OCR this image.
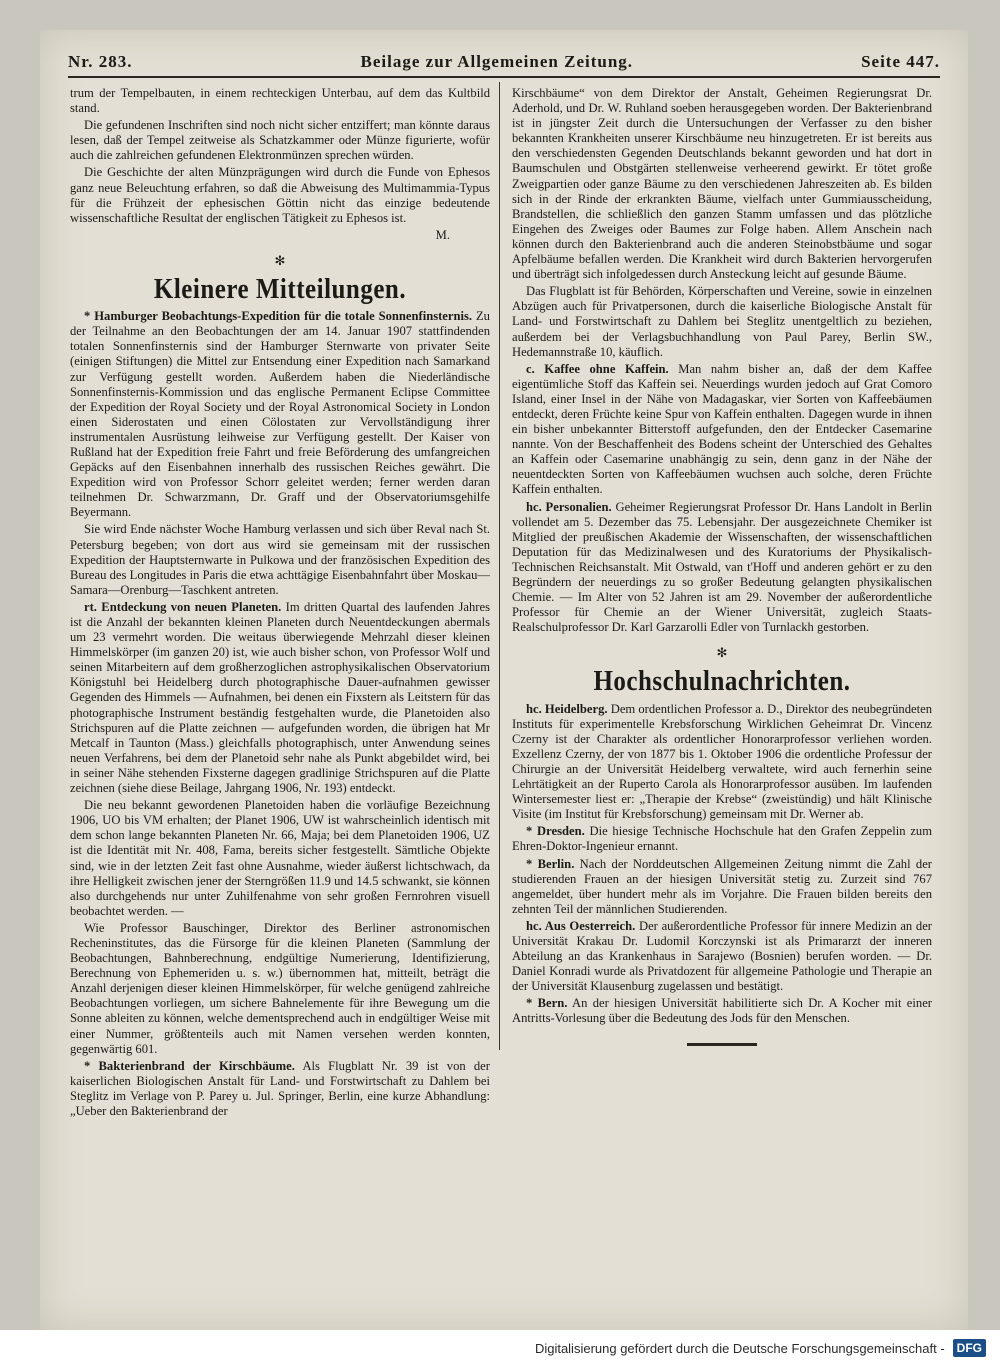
Nr. 283.	Beilage zur Allgemeinen Zeitung.	Seite 447.

trum der Tempelbauten, in einem rechteckigen Unterbau, auf dem das Kultbild stand.

Die gefundenen Inschriften sind noch nicht sicher entziffert; man könnte daraus lesen, daß der Tempel zeitweise als Schatzkammer oder Münze figurierte, wofür auch die zahlreichen gefundenen Elektronmünzen sprechen würden.

Die Geschichte der alten Münzprägungen wird durch die Funde von Ephesos ganz neue Beleuchtung erfahren, so daß die Abweisung des Multimammia-Typus für die Frühzeit der ephesischen Göttin nicht das einzige bedeutende wissenschaftliche Resultat der englischen Tätigkeit zu Ephesos ist.

M.
✻
Kleinere Mitteilungen.

* Hamburger Beobachtungs-Expedition für die totale Sonnenfinsternis. Zu der Teilnahme an den Beobachtungen der am 14. Januar 1907 stattfindenden totalen Sonnenfinsternis sind der Hamburger Sternwarte von privater Seite (einigen Stiftungen) die Mittel zur Entsendung einer Expedition nach Samarkand zur Verfügung gestellt worden. Außerdem haben die Niederländische Sonnenfinsternis-Kommission und das englische Permanent Eclipse Committee der Expedition der Royal Society und der Royal Astronomical Society in London einen Siderostaten und einen Cölostaten zur Vervollständigung ihrer instrumentalen Ausrüstung leihweise zur Verfügung gestellt. Der Kaiser von Rußland hat der Expedition freie Fahrt und freie Beförderung des umfangreichen Gepäcks auf den Eisenbahnen innerhalb des russischen Reiches gewährt. Die Expedition wird von Professor Schorr geleitet werden; ferner werden daran teilnehmen Dr. Schwarzmann, Dr. Graff und der Observatoriumsgehilfe Beyermann.

Sie wird Ende nächster Woche Hamburg verlassen und sich über Reval nach St. Petersburg begeben; von dort aus wird sie gemeinsam mit der russischen Expedition der Hauptsternwarte in Pulkowa und der französischen Expedition des Bureau des Longitudes in Paris die etwa achttägige Eisenbahnfahrt über Moskau—Samara—Orenburg—Taschkent antreten.

rt. Entdeckung von neuen Planeten. Im dritten Quartal des laufenden Jahres ist die Anzahl der bekannten kleinen Planeten durch Neuentdeckungen abermals um 23 vermehrt worden. Die weitaus überwiegende Mehrzahl dieser kleinen Himmelskörper (im ganzen 20) ist, wie auch bisher schon, von Professor Wolf und seinen Mitarbeitern auf dem großherzoglichen astrophysikalischen Observatorium Königstuhl bei Heidelberg durch photographische Dauer-aufnahmen gewisser Gegenden des Himmels — Aufnahmen, bei denen ein Fixstern als Leitstern für das photographische Instrument beständig festgehalten wurde, die Planetoiden also Strichspuren auf die Platte zeichnen — aufgefunden worden, die übrigen hat Mr Metcalf in Taunton (Mass.) gleichfalls photographisch, unter Anwendung seines neuen Verfahrens, bei dem der Planetoid sehr nahe als Punkt abgebildet wird, bei in seiner Nähe stehenden Fixsterne dagegen gradlinige Strichspuren auf die Platte zeichnen (siehe diese Beilage, Jahrgang 1906, Nr. 193) entdeckt.

Die neu bekannt gewordenen Planetoiden haben die vorläufige Bezeichnung 1906, UO bis VM erhalten; der Planet 1906, UW ist wahrscheinlich identisch mit dem schon lange bekannten Planeten Nr. 66, Maja; bei dem Planetoiden 1906, UZ ist die Identität mit Nr. 408, Fama, bereits sicher festgestellt. Sämtliche Objekte sind, wie in der letzten Zeit fast ohne Ausnahme, wieder äußerst lichtschwach, da ihre Helligkeit zwischen jener der Sterngrößen 11.9 und 14.5 schwankt, sie können also durchgehends nur unter Zuhilfenahme von sehr großen Fernrohren visuell beobachtet werden. —

Wie Professor Bauschinger, Direktor des Berliner astronomischen Recheninstitutes, das die Fürsorge für die kleinen Planeten (Sammlung der Beobachtungen, Bahnberechnung, endgültige Numerierung, Identifizierung, Berechnung von Ephemeriden u. s. w.) übernommen hat, mitteilt, beträgt die Anzahl derjenigen dieser kleinen Himmelskörper, für welche genügend zahlreiche Beobachtungen vorliegen, um sichere Bahnelemente für ihre Bewegung um die Sonne ableiten zu können, welche dementsprechend auch in endgültiger Weise mit einer Nummer, größtenteils auch mit Namen versehen werden konnten, gegenwärtig 601.

* Bakterienbrand der Kirschbäume. Als Flugblatt Nr. 39 ist von der kaiserlichen Biologischen Anstalt für Land- und Forstwirtschaft zu Dahlem bei Steglitz im Verlage von P. Parey u. Jul. Springer, Berlin, eine kurze Abhandlung: „Ueber den Bakterienbrand der

Kirschbäume“ von dem Direktor der Anstalt, Geheimen Regierungsrat Dr. Aderhold, und Dr. W. Ruhland soeben herausgegeben worden. Der Bakterienbrand ist in jüngster Zeit durch die Untersuchungen der Verfasser zu den bisher bekannten Krankheiten unserer Kirschbäume neu hinzugetreten. Er ist bereits aus den verschiedensten Gegenden Deutschlands bekannt geworden und hat dort in Baumschulen und Obstgärten stellenweise verheerend gewirkt. Er tötet große Zweigpartien oder ganze Bäume zu den verschiedenen Jahreszeiten ab. Es bilden sich in der Rinde der erkrankten Bäume, vielfach unter Gummiausscheidung, Brandstellen, die schließlich den ganzen Stamm umfassen und das plötzliche Eingehen des Zweiges oder Baumes zur Folge haben. Allem Anschein nach können durch den Bakterienbrand auch die anderen Steinobstbäume und sogar Apfelbäume befallen werden. Die Krankheit wird durch Bakterien hervorgerufen und überträgt sich infolgedessen durch Ansteckung leicht auf gesunde Bäume.

Das Flugblatt ist für Behörden, Körperschaften und Vereine, sowie in einzelnen Abzügen auch für Privatpersonen, durch die kaiserliche Biologische Anstalt für Land- und Forstwirtschaft zu Dahlem bei Steglitz unentgeltlich zu beziehen, außerdem bei der Verlagsbuchhandlung von Paul Parey, Berlin SW., Hedemannstraße 10, käuflich.

c. Kaffee ohne Kaffein. Man nahm bisher an, daß der dem Kaffee eigentümliche Stoff das Kaffein sei. Neuerdings wurden jedoch auf Grat Comoro Island, einer Insel in der Nähe von Madagaskar, vier Sorten von Kaffeebäumen entdeckt, deren Früchte keine Spur von Kaffein enthalten. Dagegen wurde in ihnen ein bisher unbekannter Bitterstoff aufgefunden, den der Entdecker Casemarine nannte. Von der Beschaffenheit des Bodens scheint der Unterschied des Gehaltes an Kaffein oder Casemarine unabhängig zu sein, denn ganz in der Nähe der neuentdeckten Sorten von Kaffeebäumen wuchsen auch solche, deren Früchte Kaffein enthalten.

hc. Personalien. Geheimer Regierungsrat Professor Dr. Hans Landolt in Berlin vollendet am 5. Dezember das 75. Lebensjahr. Der ausgezeichnete Chemiker ist Mitglied der preußischen Akademie der Wissenschaften, der wissenschaftlichen Deputation für das Medizinalwesen und des Kuratoriums der Physikalisch-Technischen Reichsanstalt. Mit Ostwald, van t'Hoff und anderen gehört er zu den Begründern der neuerdings zu so großer Bedeutung gelangten physikalischen Chemie. — Im Alter von 52 Jahren ist am 29. November der außerordentliche Professor für Chemie an der Wiener Universität, zugleich Staats-Realschulprofessor Dr. Karl Garzarolli Edler von Turnlackh gestorben.

✻
Hochschulnachrichten.

hc. Heidelberg. Dem ordentlichen Professor a. D., Direktor des neubegründeten Instituts für experimentelle Krebsforschung Wirklichen Geheimrat Dr. Vincenz Czerny ist der Charakter als ordentlicher Honorarprofessor verliehen worden. Exzellenz Czerny, der von 1877 bis 1. Oktober 1906 die ordentliche Professur der Chirurgie an der Universität Heidelberg verwaltete, wird auch fernerhin seine Lehrtätigkeit an der Ruperto Carola als Honorarprofessor ausüben. Im laufenden Wintersemester liest er: „Therapie der Krebse“ (zweistündig) und hält Klinische Visite (im Institut für Krebsforschung) gemeinsam mit Dr. Werner ab.

* Dresden. Die hiesige Technische Hochschule hat den Grafen Zeppelin zum Ehren-Doktor-Ingenieur ernannt.

* Berlin. Nach der Norddeutschen Allgemeinen Zeitung nimmt die Zahl der studierenden Frauen an der hiesigen Universität stetig zu. Zurzeit sind 767 angemeldet, über hundert mehr als im Vorjahre. Die Frauen bilden bereits den zehnten Teil der männlichen Studierenden.

hc. Aus Oesterreich. Der außerordentliche Professor für innere Medizin an der Universität Krakau Dr. Ludomil Korczynski ist als Primararzt der inneren Abteilung an das Krankenhaus in Sarajewo (Bosnien) berufen worden. — Dr. Daniel Konradi wurde als Privatdozent für allgemeine Pathologie und Therapie an der Universität Klausenburg zugelassen und bestätigt.

* Bern. An der hiesigen Universität habilitierte sich Dr. A Kocher mit einer Antritts-Vorlesung über die Bedeutung des Jods für den Menschen.

Digitalisierung gefördert durch die Deutsche Forschungsgemeinschaft -	DFG
